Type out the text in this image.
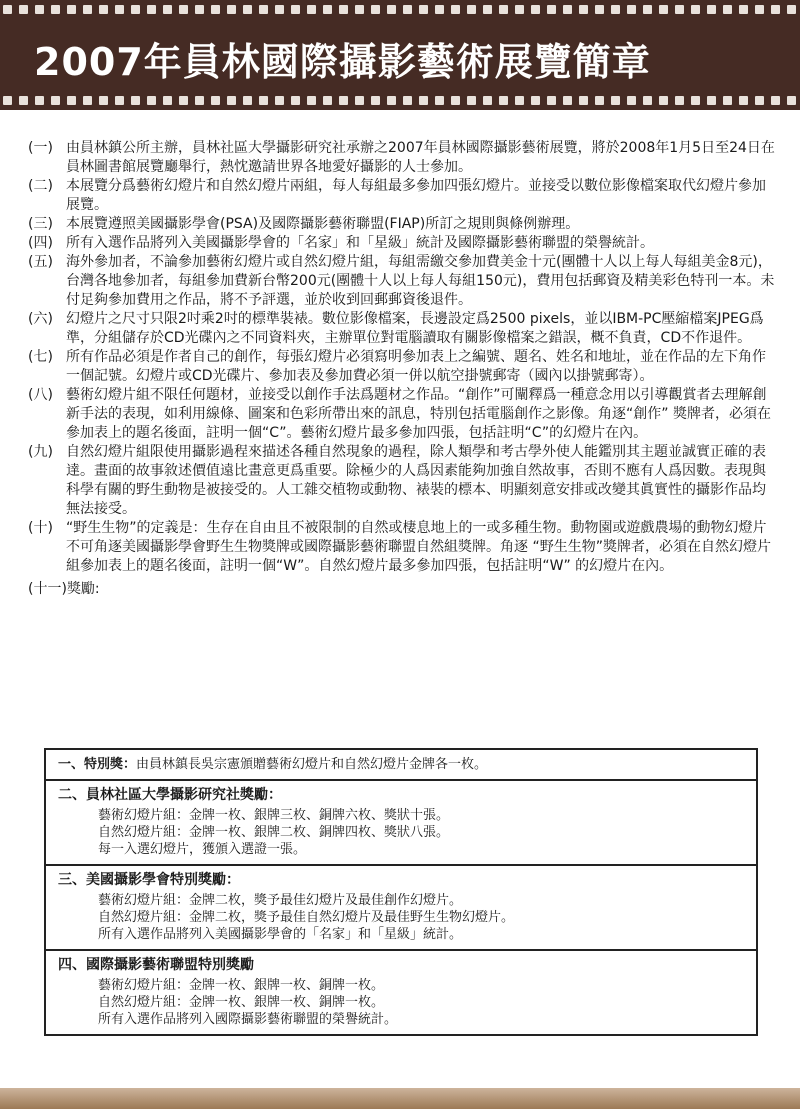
2007年員林國際攝影藝術展覽簡章
(一) 由員林鎮公所主辦，員林社區大學攝影研究社承辦之2007年員林國際攝影藝術展覽，將於2008年1月5日至24日在員林圖書館展覽廳舉行，熱忱邀請世界各地愛好攝影的人士參加。
(二) 本展覽分爲藝術幻燈片和自然幻燈片兩組，每人每組最多參加四張幻燈片。並接受以數位影像檔案取代幻燈片參加展覽。
(三) 本展覽遵照美國攝影學會(PSA)及國際攝影藝術聯盟(FIAP)所訂之規則與條例辦理。
(四) 所有入選作品將列入美國攝影學會的「名家」和「星級」統計及國際攝影藝術聯盟的榮譽統計。
(五) 海外參加者，不論參加藝術幻燈片或自然幻燈片組，每組需繳交參加費美金十元(團體十人以上每人每組美金8元)，台灣各地參加者，每組參加費新台幣200元(團體十人以上每人每組150元)，費用包括郵資及精美彩色特刊一本。未付足夠參加費用之作品，將不予評選，並於收到回郵郵資後退件。
(六) 幻燈片之尺寸只限2吋乘2吋的標準裝裱。數位影像檔案，長邊設定爲2500 pixels，並以IBM-PC壓縮檔案JPEG爲準，分組儲存於CD光碟內之不同資料夾，主辦單位對電腦讀取有關影像檔案之錯誤，概不負責，CD不作退件。
(七) 所有作品必須是作者自己的創作，每張幻燈片必須寫明參加表上之編號、題名、姓名和地址，並在作品的左下角作一個記號。幻燈片或CD光碟片、參加表及參加費必須一併以航空掛號郵寄（國內以掛號郵寄）。
(八) 藝術幻燈片組不限任何題材，並接受以創作手法爲題材之作品。“創作”可闡釋爲一種意念用以引導觀賞者去理解創新手法的表現，如利用線條、圖案和色彩所帶出來的訊息，特別包括電腦創作之影像。角逐“創作” 獎牌者，必須在參加表上的題名後面，註明一個“C”。藝術幻燈片最多參加四張，包括註明“C”的幻燈片在內。
(九) 自然幻燈片組限使用攝影過程來描述各種自然現象的過程，除人類學和考古學外使人能鑑別其主題並誠實正確的表達。畫面的故事敘述價值遠比畫意更爲重要。除極少的人爲因素能夠加強自然故事，否則不應有人爲因數。表現與科學有關的野生動物是被接受的。人工雜交植物或動物、裱裝的標本、明顯刻意安排或改變其眞實性的攝影作品均無法接受。
(十) “野生生物”的定義是：生存在自由且不被限制的自然或棲息地上的一或多種生物。動物園或遊戲農場的動物幻燈片不可角逐美國攝影學會野生生物獎牌或國際攝影藝術聯盟自然組獎牌。角逐 “野生生物”獎牌者，必須在自然幻燈片組參加表上的題名後面，註明一個“W”。自然幻燈片最多參加四張，包括註明“W” 的幻燈片在內。
(十一) 獎勵:
一、特別獎： 由員林鎮長吳宗憲頒贈藝術幻燈片和自然幻燈片金牌各一枚。
二、員林社區大學攝影研究社獎勵：
藝術幻燈片組：金牌一枚、銀牌三枚、銅牌六枚、獎狀十張。
自然幻燈片組：金牌一枚、銀牌二枚、銅牌四枚、獎狀八張。
每一入選幻燈片，獲頒入選證一張。
三、美國攝影學會特別獎勵：
藝術幻燈片組：金牌二枚，獎予最佳幻燈片及最佳創作幻燈片。
自然幻燈片組：金牌二枚，獎予最佳自然幻燈片及最佳野生生物幻燈片。
所有入選作品將列入美國攝影學會的「名家」和「星級」統計。
四、國際攝影藝術聯盟特別獎勵
藝術幻燈片組：金牌一枚、銀牌一枚、銅牌一枚。
自然幻燈片組：金牌一枚、銀牌一枚、銅牌一枚。
所有入選作品將列入國際攝影藝術聯盟的榮譽統計。
